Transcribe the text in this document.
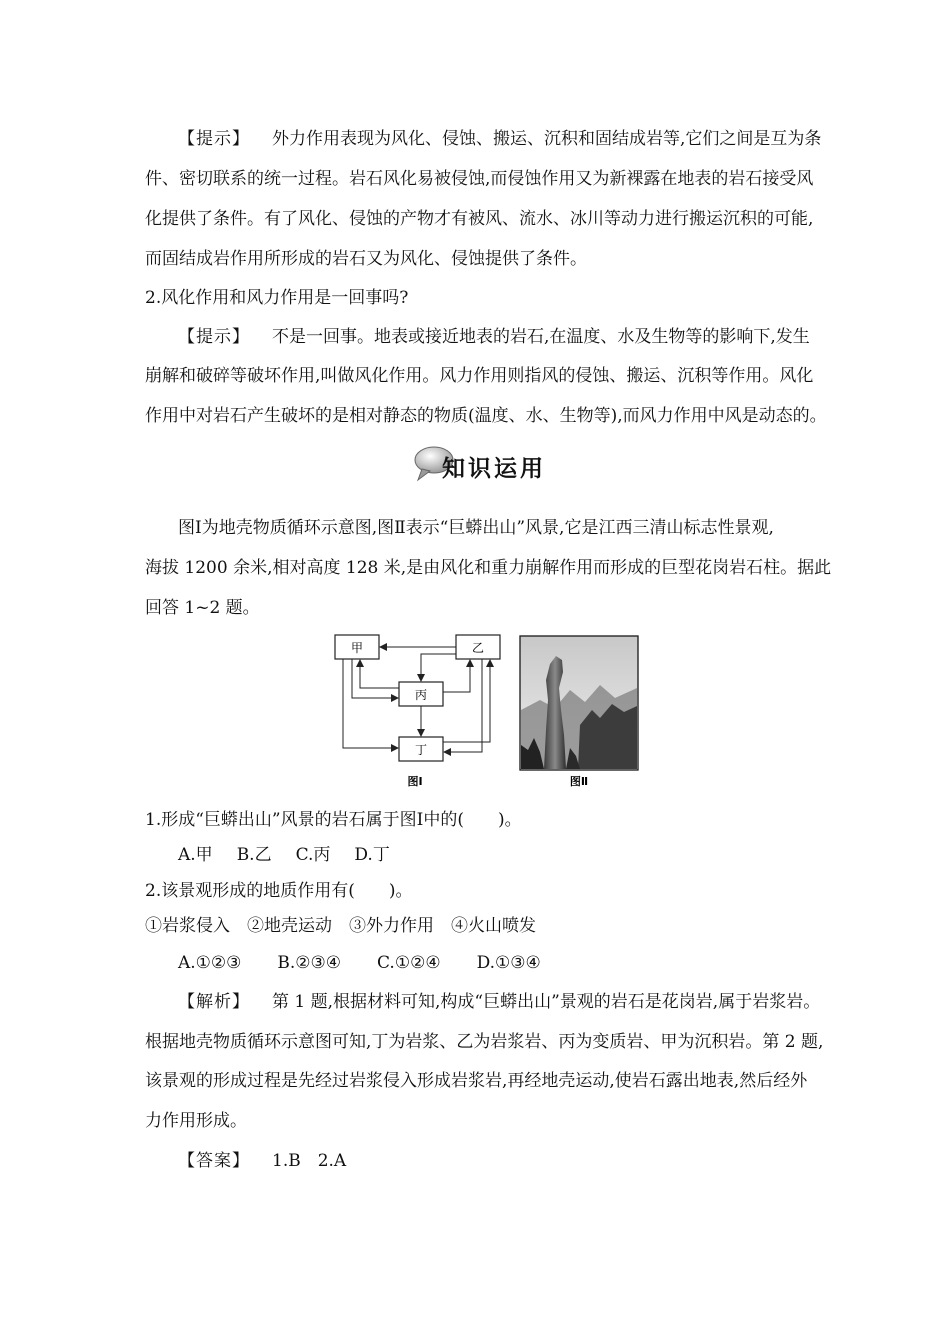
【提示】 外力作用表现为风化、侵蚀、搬运、沉积和固结成岩等,它们之间是互为条
件、密切联系的统一过程。岩石风化易被侵蚀,而侵蚀作用又为新裸露在地表的岩石接受风
化提供了条件。有了风化、侵蚀的产物才有被风、流水、冰川等动力进行搬运沉积的可能,
而固结成岩作用所形成的岩石又为风化、侵蚀提供了条件。
2.风化作用和风力作用是一回事吗?
【提示】 不是一回事。地表或接近地表的岩石,在温度、水及生物等的影响下,发生
崩解和破碎等破坏作用,叫做风化作用。风力作用则指风的侵蚀、搬运、沉积等作用。风化
作用中对岩石产生破坏的是相对静态的物质(温度、水、生物等),而风力作用中风是动态的。
知识运用
图Ⅰ为地壳物质循环示意图,图Ⅱ表示“巨蟒出山”风景,它是江西三清山标志性景观,
海拔 1200 余米,相对高度 128 米,是由风化和重力崩解作用而形成的巨型花岗岩石柱。据此
回答 1~2 题。
甲	乙
丙
丁
图Ⅰ	图Ⅱ
1.形成“巨蟒出山”风景的岩石属于图Ⅰ中的(　　)。
A.甲 B.乙 C.丙 D.丁
2.该景观形成的地质作用有(　　)。
①岩浆侵入　②地壳运动　③外力作用　④火山喷发
A.①②③ B.②③④ C.①②④ D.①③④
【解析】 第 1 题,根据材料可知,构成“巨蟒出山”景观的岩石是花岗岩,属于岩浆岩。
根据地壳物质循环示意图可知,丁为岩浆、乙为岩浆岩、丙为变质岩、甲为沉积岩。第 2 题,
该景观的形成过程是先经过岩浆侵入形成岩浆岩,再经地壳运动,使岩石露出地表,然后经外
力作用形成。
【答案】 1.B　2.A
